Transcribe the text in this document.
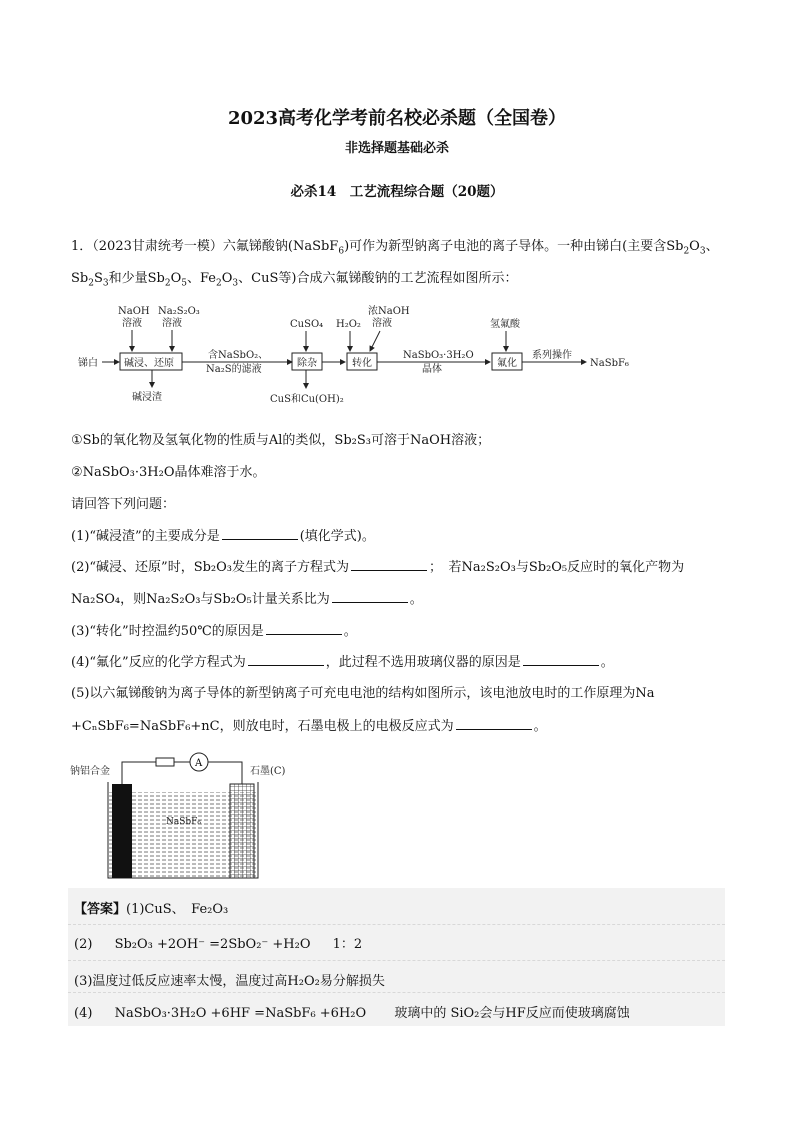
2023高考化学考前名校必杀题（全国卷）
非选择题基础必杀
必杀14　工艺流程综合题（20题）
1．（2023甘肃统考一模）六氟锑酸钠(NaSbF$_6$)可作为新型钠离子电池的离子导体。一种由锑白(主要含$Sb_2O_3$、
$Sb_2S_3$和少量$Sb_2O_5$、$Fe_2O_3$、CuS等)合成六氟锑酸钠的工艺流程如图所示：
锑白
NaOH
溶液
Na₂S₂O₃
溶液
碱浸、还原
碱浸渣
含NaSbO₂、
Na₂S的滤液
CuSO₄
除杂
CuS和Cu(OH)₂
H₂O₂
浓NaOH
溶液
转化
NaSbO₃·3H₂O
晶体
氢氟酸
氟化
系列操作
NaSbF₆
①Sb的氧化物及氢氧化物的性质与Al的类似，Sb₂S₃可溶于NaOH溶液；
②NaSbO₃·3H₂O晶体难溶于水。
请回答下列问题：
(1)“碱浸渣”的主要成分是	(填化学式)。
(2)“碱浸、还原”时，Sb₂O₃发生的离子方程式为	；　若Na₂S₂O₃与Sb₂O₅反应时的氧化产物为
Na₂SO₄，则Na₂S₂O₃与Sb₂O₅计量关系比为	。
(3)“转化”时控温约50℃的原因是	。
(4)“氟化”反应的化学方程式为	，此过程不选用玻璃仪器的原因是	。
(5)以六氟锑酸钠为离子导体的新型钠离子可充电电池的结构如图所示，该电池放电时的工作原理为Na
+CₙSbF₆=NaSbF₆+nC，则放电时，石墨电极上的电极反应式为	。
钠铝合金	石墨(C)
A
NaSbF₆
【答案】(1)CuS、　Fe₂O₃
(2) Sb₂O₃ +2OH⁻ =2SbO₂⁻ +H₂O 1：2
(3)温度过低反应速率太慢，温度过高H₂O₂易分解损失
(4) NaSbO₃·3H₂O +6HF =NaSbF₆ +6H₂O 玻璃中的 SiO₂会与HF反应而使玻璃腐蚀
